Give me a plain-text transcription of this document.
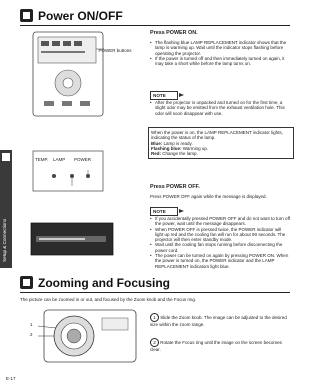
Setup & Connections
Power ON/OFF
POWER buttons
TEMP. LAMP POWER
Press POWER ON.
• The flashing blue LAMP REPLACEMENT indicator shows that the lamp is warming up. Wait until the indicator stops flashing before operating the projector.
• If the power is turned off and then immediately turned on again, it may take a short while before the lamp turns on.
NOTE
• After the projector is unpacked and turned on for the first time, a slight odor may be emitted from the exhaust ventilation hole. This odor will soon disappear with use.
When the power is on, the LAMP REPLACEMENT indicator lights, indicating the status of the lamp.
Blue: Lamp is ready.
Flashing blue: Warming up.
Red: Change the lamp.
Press POWER OFF.
Press POWER OFF again while the message is displayed.
NOTE
• If you accidentally pressed POWER OFF and do not want to turn off the power, wait until the message disappears.
• When POWER OFF is pressed twice, the POWER indicator will light up red and the cooling fan will run for about 90 seconds. The projector will then enter standby mode.
• Wait until the cooling fan stops running before disconnecting the power cord.
• The power can be turned on again by pressing POWER ON. When the power is turned on, the POWER indicator and the LAMP REPLACEMENT indicators light blue.
Zooming and Focusing
The picture can be zoomed in or out, and focused by the Zoom knob and the Focus ring.
1
2
1 Slide the Zoom knob. The image can be adjusted to the desired size within the zoom range.
2 Rotate the Focus ring until the image on the screen becomes clear.
E-17
